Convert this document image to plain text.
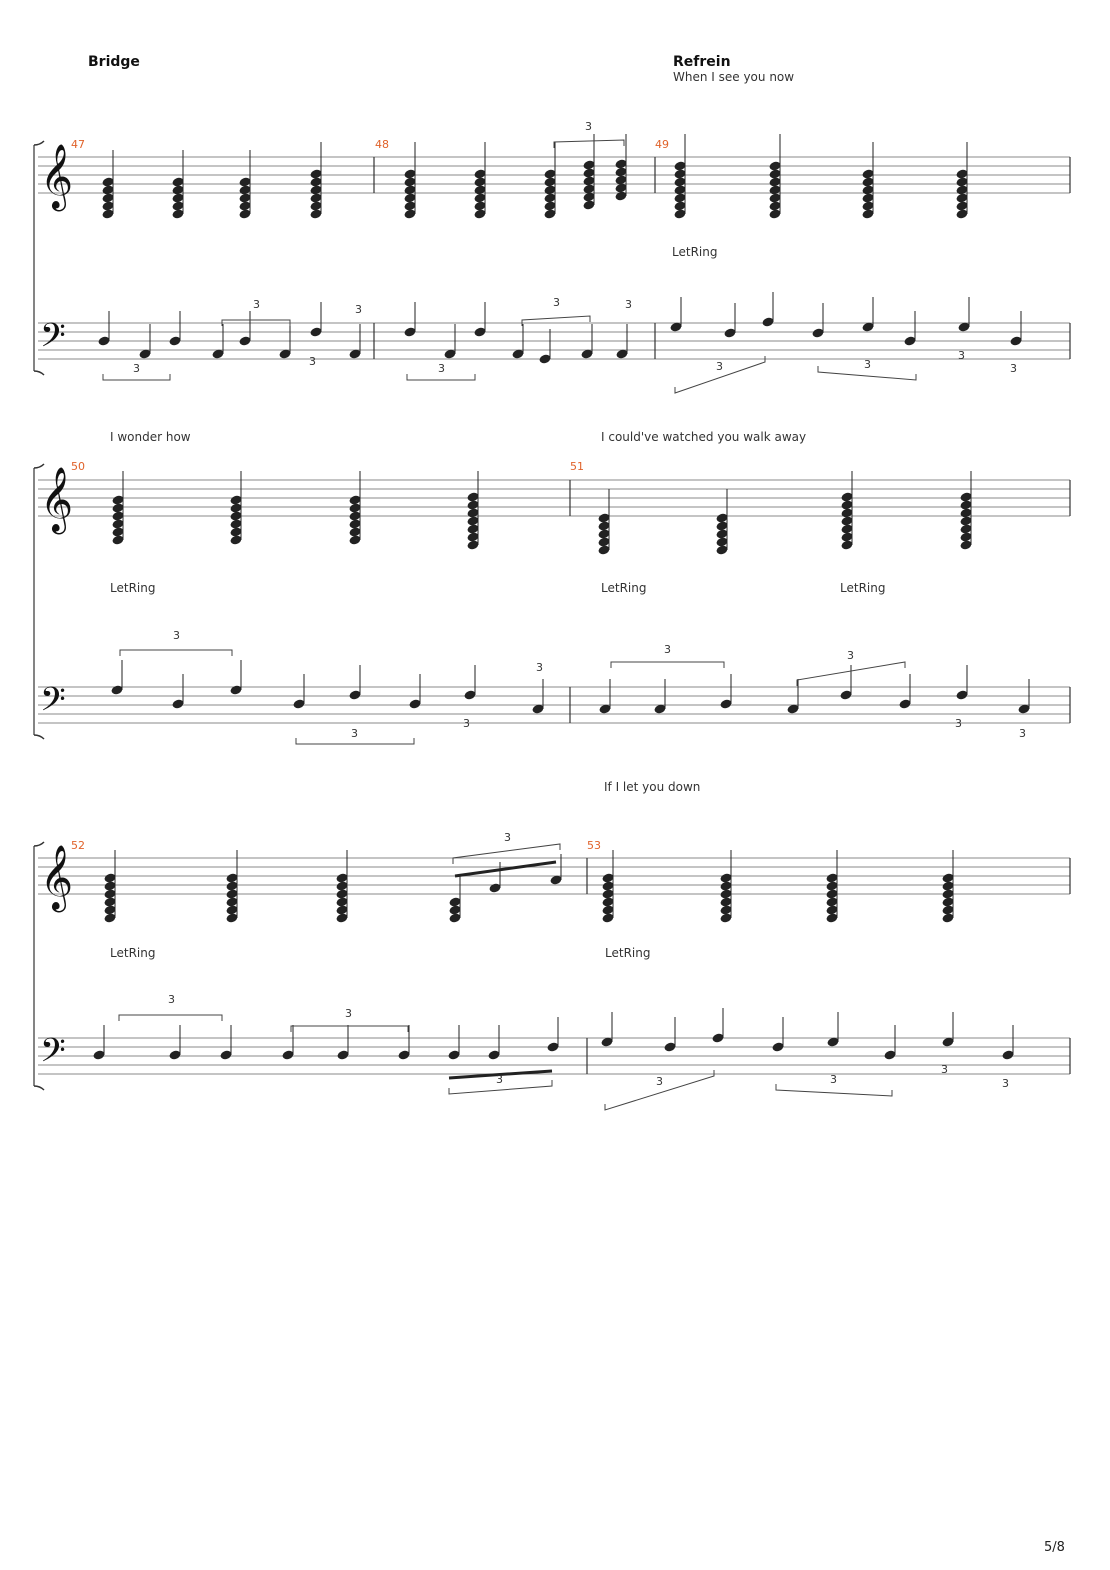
𝄞
𝄢
𝄞
𝄢
𝄞
𝄢
Bridge	Refrein
When I see you now
I wonder how	I could've watched you walk away
If I let you down
47	48	49
50	51
52	53
LetRing
LetRing	LetRing	LetRing
LetRing	LetRing
3
3	3
3	3
3
3
3	3	3
3
3
3
3
3	3
3
3	3
3
3
3
3
3	3	3
3
3
5/8
